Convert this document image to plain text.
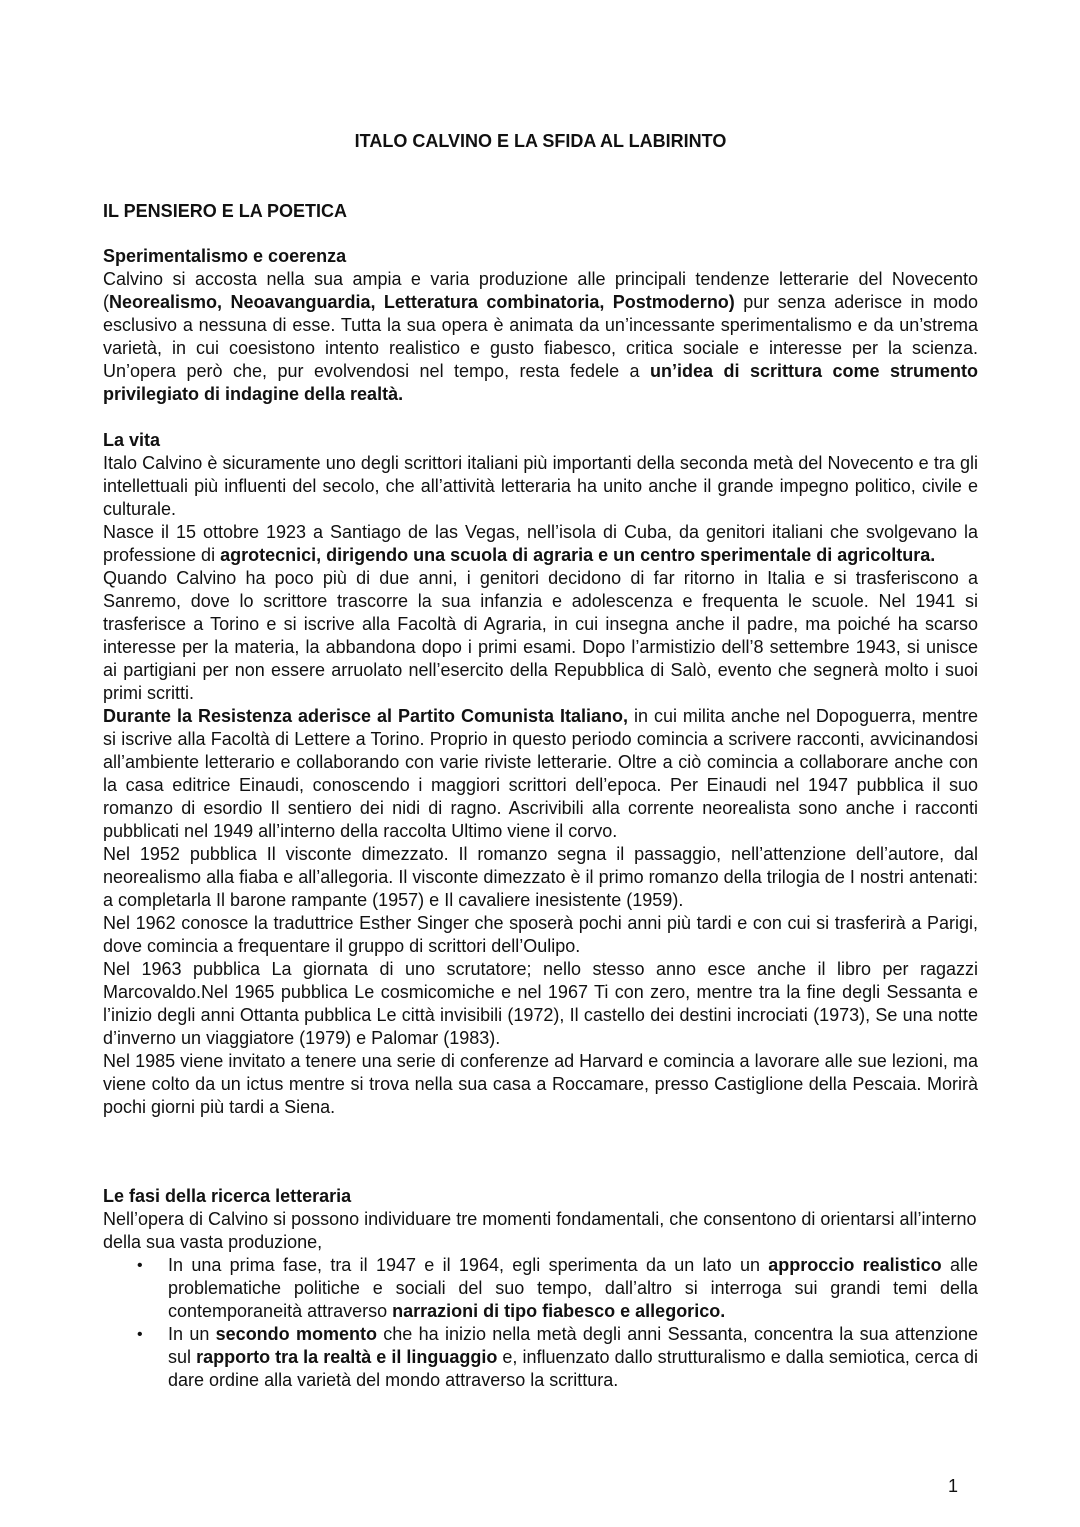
ITALO CALVINO E LA SFIDA AL LABIRINTO
IL PENSIERO E LA POETICA
Sperimentalismo e coerenza

Calvino si accosta nella sua ampia e varia produzione alle principali tendenze letterarie del Novecento (Neorealismo, Neoavanguardia, Letteratura combinatoria, Postmoderno) pur senza aderisce in modo esclusivo a nessuna di esse. Tutta la sua opera è animata da un’incessante sperimentalismo e da un’strema varietà, in cui coesistono intento realistico e gusto fiabesco, critica sociale e interesse per la scienza. Un’opera però che, pur evolvendosi nel tempo, resta fedele a un’idea di scrittura come strumento privilegiato di indagine della realtà.

La vita

Italo Calvino è sicuramente uno degli scrittori italiani più importanti della seconda metà del Novecento e tra gli intellettuali più influenti del secolo, che all’attività letteraria ha unito anche il grande impegno politico, civile e culturale.

Nasce il 15 ottobre 1923 a Santiago de las Vegas, nell’isola di Cuba, da genitori italiani che svolgevano la professione di agrotecnici, dirigendo una scuola di agraria e un centro sperimentale di agricoltura.

Quando Calvino ha poco più di due anni, i genitori decidono di far ritorno in Italia e si trasferiscono a Sanremo, dove lo scrittore trascorre la sua infanzia e adolescenza e frequenta le scuole. Nel 1941 si trasferisce a Torino e si iscrive alla Facoltà di Agraria, in cui insegna anche il padre, ma poiché ha scarso interesse per la materia, la abbandona dopo i primi esami. Dopo l’armistizio dell’8 settembre 1943, si unisce ai partigiani per non essere arruolato nell’esercito della Repubblica di Salò, evento che segnerà molto i suoi primi scritti.

Durante la Resistenza aderisce al Partito Comunista Italiano, in cui milita anche nel Dopoguerra, mentre si iscrive alla Facoltà di Lettere a Torino. Proprio in questo periodo comincia a scrivere racconti, avvicinandosi all’ambiente letterario e collaborando con varie riviste letterarie. Oltre a ciò comincia a collaborare anche con la casa editrice Einaudi, conoscendo i maggiori scrittori dell’epoca. Per Einaudi nel 1947 pubblica il suo romanzo di esordio Il sentiero dei nidi di ragno. Ascrivibili alla corrente neorealista sono anche i racconti pubblicati nel 1949 all’interno della raccolta Ultimo viene il corvo.

Nel 1952 pubblica Il visconte dimezzato. Il romanzo segna il passaggio, nell’attenzione dell’autore, dal neorealismo alla fiaba e all’allegoria. Il visconte dimezzato è il primo romanzo della trilogia de I nostri antenati: a completarla Il barone rampante (1957) e Il cavaliere inesistente (1959).

Nel 1962 conosce la traduttrice Esther Singer che sposerà pochi anni più tardi e con cui si trasferirà a Parigi, dove comincia a frequentare il gruppo di scrittori dell’Oulipo.

Nel 1963 pubblica La giornata di uno scrutatore; nello stesso anno esce anche il libro per ragazzi Marcovaldo.Nel 1965 pubblica Le cosmicomiche e nel 1967 Ti con zero, mentre tra la fine degli Sessanta e l’inizio degli anni Ottanta pubblica Le città invisibili (1972), Il castello dei destini incrociati (1973), Se una notte d’inverno un viaggiatore (1979) e Palomar (1983).

Nel 1985 viene invitato a tenere una serie di conferenze ad Harvard e comincia a lavorare alle sue lezioni, ma viene colto da un ictus mentre si trova nella sua casa a Roccamare, presso Castiglione della Pescaia. Morirà pochi giorni più tardi a Siena.

Le fasi della ricerca letteraria

Nell’opera di Calvino si possono individuare tre momenti fondamentali, che consentono di orientarsi all’interno della sua vasta produzione,

• In una prima fase, tra il 1947 e il 1964, egli sperimenta da un lato un approccio realistico alle problematiche politiche e sociali del suo tempo, dall’altro si interroga sui grandi temi della contemporaneità attraverso narrazioni di tipo fiabesco e allegorico.
• In un secondo momento che ha inizio nella metà degli anni Sessanta, concentra la sua attenzione sul rapporto tra la realtà e il linguaggio e, influenzato dallo strutturalismo e dalla semiotica, cerca di dare ordine alla varietà del mondo attraverso la scrittura.
1
